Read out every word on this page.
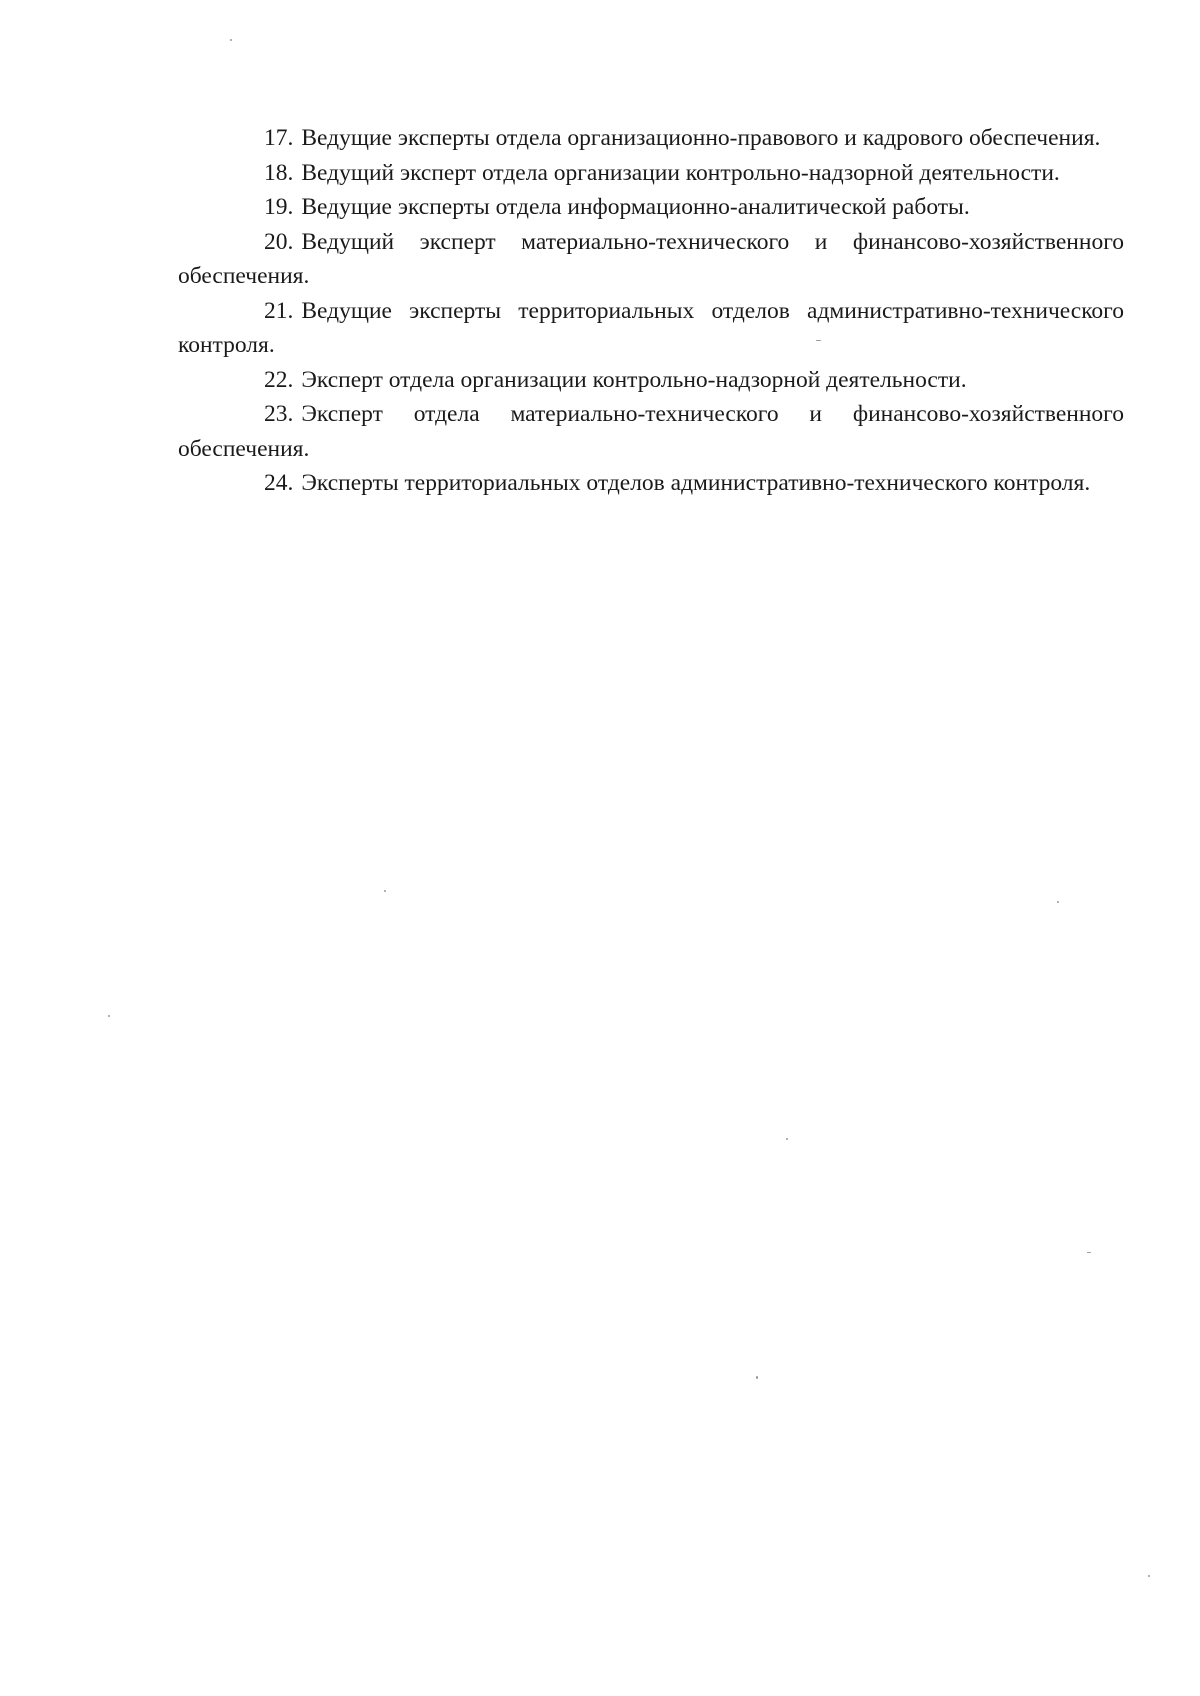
17. Ведущие эксперты отдела организационно-правового и кадрового обеспечения.

18. Ведущий эксперт отдела организации контрольно-надзорной деятельности.

19. Ведущие эксперты отдела информационно-аналитической работы.

20. Ведущий эксперт материально-технического и финансово-хозяйственного обеспечения.

21. Ведущие эксперты территориальных отделов административно-технического контроля.

22. Эксперт отдела организации контрольно-надзорной деятельности.

23. Эксперт отдела материально-технического и финансово-хозяйственного обеспечения.

24. Эксперты территориальных отделов административно-технического контроля.
